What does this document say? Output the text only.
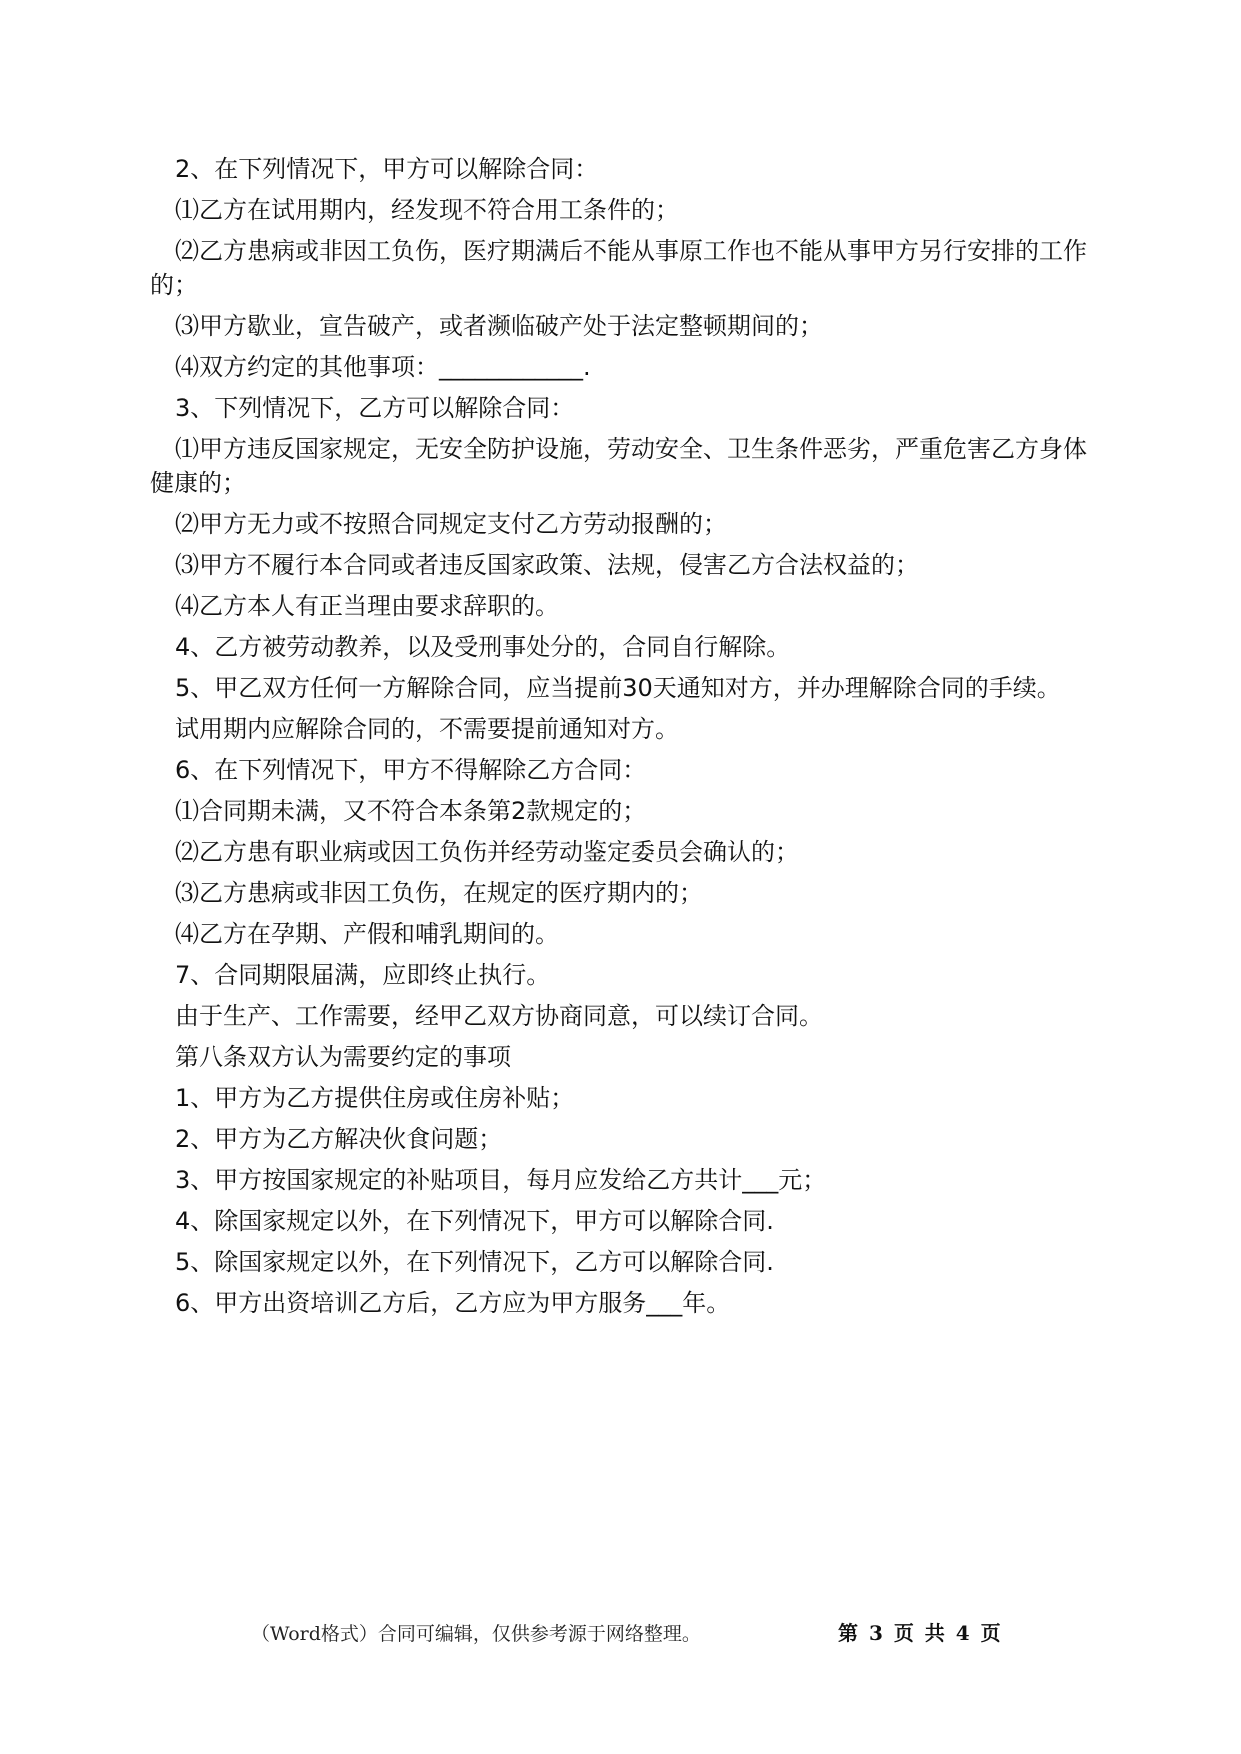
2、在下列情况下，甲方可以解除合同：

⑴乙方在试用期内，经发现不符合用工条件的；

⑵乙方患病或非因工负伤，医疗期满后不能从事原工作也不能从事甲方另行安排的工作的；

⑶甲方歇业，宣告破产，或者濒临破产处于法定整顿期间的；

⑷双方约定的其他事项：____________.

3、下列情况下，乙方可以解除合同：

⑴甲方违反国家规定，无安全防护设施，劳动安全、卫生条件恶劣，严重危害乙方身体健康的；

⑵甲方无力或不按照合同规定支付乙方劳动报酬的；

⑶甲方不履行本合同或者违反国家政策、法规，侵害乙方合法权益的；

⑷乙方本人有正当理由要求辞职的。

4、乙方被劳动教养，以及受刑事处分的，合同自行解除。

5、甲乙双方任何一方解除合同，应当提前30天通知对方，并办理解除合同的手续。

试用期内应解除合同的，不需要提前通知对方。

6、在下列情况下，甲方不得解除乙方合同：

⑴合同期未满，又不符合本条第2款规定的；

⑵乙方患有职业病或因工负伤并经劳动鉴定委员会确认的；

⑶乙方患病或非因工负伤，在规定的医疗期内的；

⑷乙方在孕期、产假和哺乳期间的。

7、合同期限届满，应即终止执行。

由于生产、工作需要，经甲乙双方协商同意，可以续订合同。

第八条双方认为需要约定的事项

1、甲方为乙方提供住房或住房补贴；

2、甲方为乙方解决伙食问题；

3、甲方按国家规定的补贴项目，每月应发给乙方共计___元；

4、除国家规定以外，在下列情况下，甲方可以解除合同.

5、除国家规定以外，在下列情况下，乙方可以解除合同.

6、甲方出资培训乙方后，乙方应为甲方服务___年。

（Word格式）合同可编辑，仅供参考源于网络整理。	第 3 页 共 4 页
